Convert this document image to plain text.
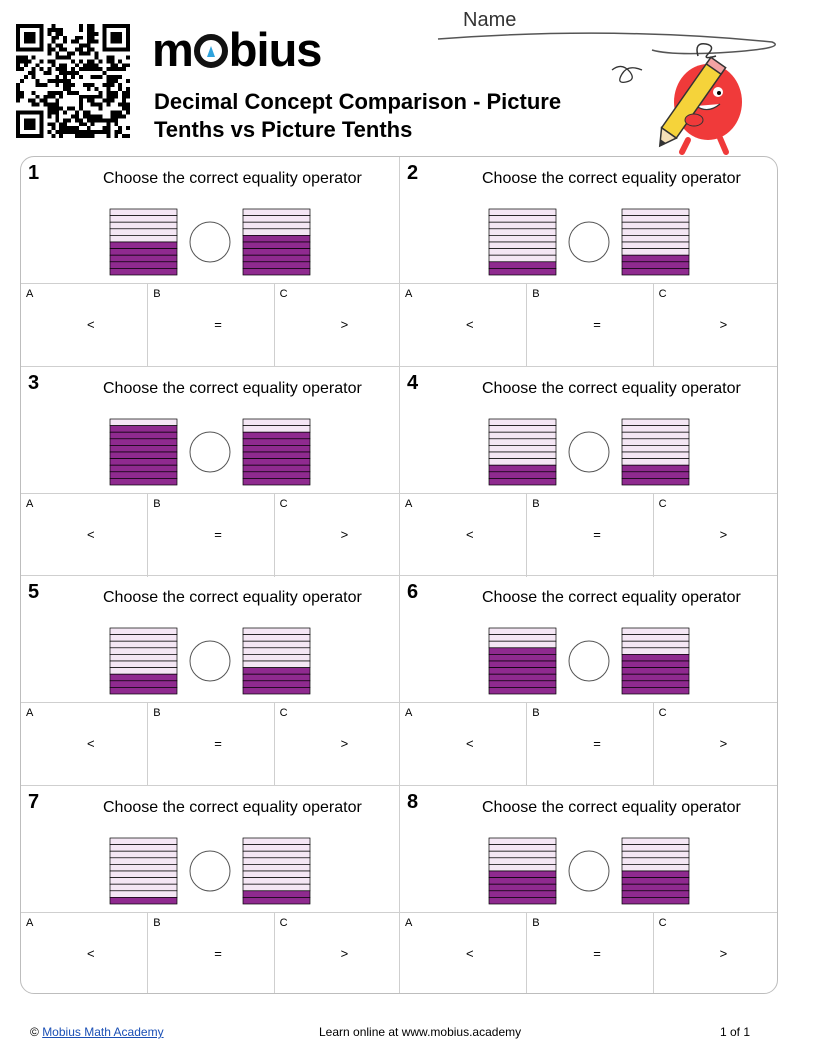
m bius
Decimal Concept Comparison - Picture Tenths vs Picture Tenths
Name
1	Choose the correct equality operator
A
<
B
=
C
>
2	Choose the correct equality operator
A
<
B
=
C
>
3	Choose the correct equality operator
A
<
B
=
C
>
4	Choose the correct equality operator
A
<
B
=
C
>
5	Choose the correct equality operator
A
<
B
=
C
>
6	Choose the correct equality operator
A
<
B
=
C
>
7	Choose the correct equality operator
A
<
B
=
C
>
8	Choose the correct equality operator
A
<
B
=
C
>
© Mobius Math Academy	Learn online at www.mobius.academy	1 of 1
